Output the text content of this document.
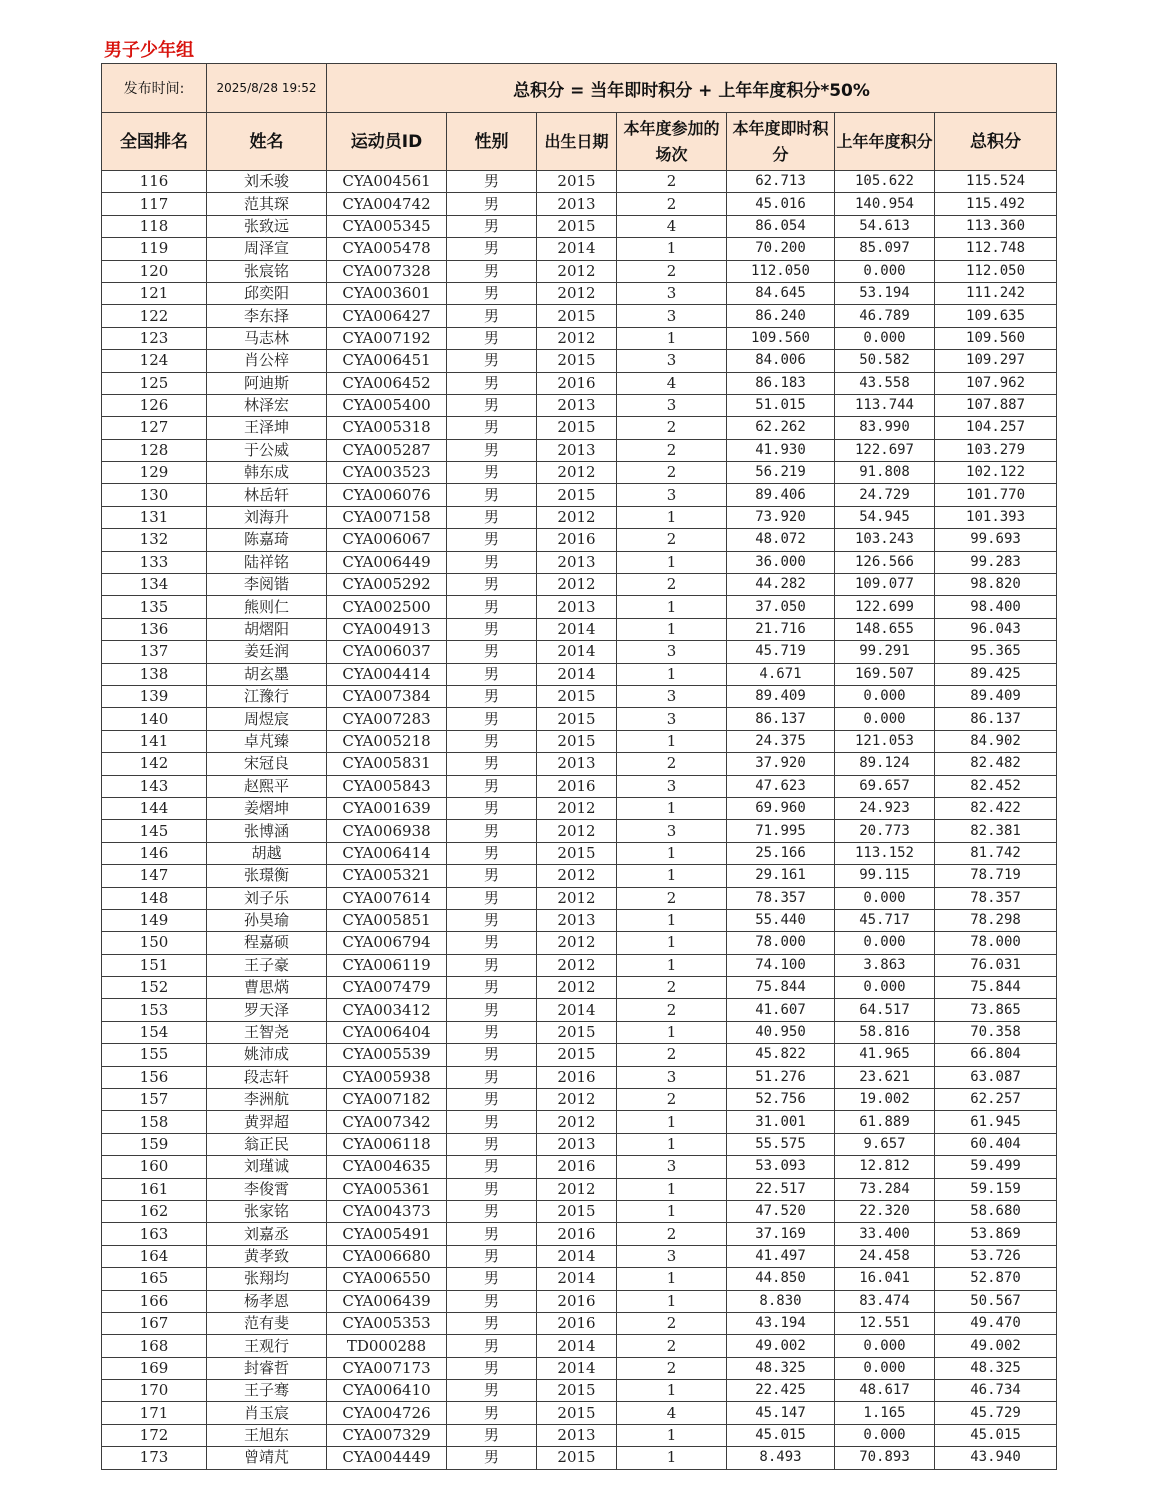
男子少年组
发布时间:	2025/8/28 19:52	总积分 = 当年即时积分 + 上年年度积分*50%						
全国排名	姓名	运动员ID	性别	出生日期	本年度参加的场次	本年度即时积分	上年年度积分	总积分
116	刘禾骏	CYA004561	男	2015	2	62.713	105.622	115.524
117	范其琛	CYA004742	男	2013	2	45.016	140.954	115.492
118	张致远	CYA005345	男	2015	4	86.054	54.613	113.360
119	周泽宣	CYA005478	男	2014	1	70.200	85.097	112.748
120	张宸铭	CYA007328	男	2012	2	112.050	0.000	112.050
121	邱奕阳	CYA003601	男	2012	3	84.645	53.194	111.242
122	李东择	CYA006427	男	2015	3	86.240	46.789	109.635
123	马志林	CYA007192	男	2012	1	109.560	0.000	109.560
124	肖公梓	CYA006451	男	2015	3	84.006	50.582	109.297
125	阿迪斯	CYA006452	男	2016	4	86.183	43.558	107.962
126	林泽宏	CYA005400	男	2013	3	51.015	113.744	107.887
127	王泽坤	CYA005318	男	2015	2	62.262	83.990	104.257
128	于公威	CYA005287	男	2013	2	41.930	122.697	103.279
129	韩东成	CYA003523	男	2012	2	56.219	91.808	102.122
130	林岳轩	CYA006076	男	2015	3	89.406	24.729	101.770
131	刘海升	CYA007158	男	2012	1	73.920	54.945	101.393
132	陈嘉琦	CYA006067	男	2016	2	48.072	103.243	99.693
133	陆祥铭	CYA006449	男	2013	1	36.000	126.566	99.283
134	李阅锴	CYA005292	男	2012	2	44.282	109.077	98.820
135	熊则仁	CYA002500	男	2013	1	37.050	122.699	98.400
136	胡熠阳	CYA004913	男	2014	1	21.716	148.655	96.043
137	姜廷润	CYA006037	男	2014	3	45.719	99.291	95.365
138	胡玄墨	CYA004414	男	2014	1	4.671	169.507	89.425
139	江豫行	CYA007384	男	2015	3	89.409	0.000	89.409
140	周煜宸	CYA007283	男	2015	3	86.137	0.000	86.137
141	卓芃臻	CYA005218	男	2015	1	24.375	121.053	84.902
142	宋冠良	CYA005831	男	2013	2	37.920	89.124	82.482
143	赵熙平	CYA005843	男	2016	3	47.623	69.657	82.452
144	姜熠坤	CYA001639	男	2012	1	69.960	24.923	82.422
145	张博涵	CYA006938	男	2012	3	71.995	20.773	82.381
146	胡越	CYA006414	男	2015	1	25.166	113.152	81.742
147	张璟衡	CYA005321	男	2012	1	29.161	99.115	78.719
148	刘子乐	CYA007614	男	2012	2	78.357	0.000	78.357
149	孙昊瑜	CYA005851	男	2013	1	55.440	45.717	78.298
150	程嘉硕	CYA006794	男	2012	1	78.000	0.000	78.000
151	王子豪	CYA006119	男	2012	1	74.100	3.863	76.031
152	曹思焫	CYA007479	男	2012	2	75.844	0.000	75.844
153	罗天泽	CYA003412	男	2014	2	41.607	64.517	73.865
154	王智尧	CYA006404	男	2015	1	40.950	58.816	70.358
155	姚沛成	CYA005539	男	2015	2	45.822	41.965	66.804
156	段志轩	CYA005938	男	2016	3	51.276	23.621	63.087
157	李洲航	CYA007182	男	2012	2	52.756	19.002	62.257
158	黄羿超	CYA007342	男	2012	1	31.001	61.889	61.945
159	翁正民	CYA006118	男	2013	1	55.575	9.657	60.404
160	刘瑾诚	CYA004635	男	2016	3	53.093	12.812	59.499
161	李俊霄	CYA005361	男	2012	1	22.517	73.284	59.159
162	张家铭	CYA004373	男	2015	1	47.520	22.320	58.680
163	刘嘉丞	CYA005491	男	2016	2	37.169	33.400	53.869
164	黄孝致	CYA006680	男	2014	3	41.497	24.458	53.726
165	张翔均	CYA006550	男	2014	1	44.850	16.041	52.870
166	杨孝恩	CYA006439	男	2016	1	8.830	83.474	50.567
167	范有斐	CYA005353	男	2016	2	43.194	12.551	49.470
168	王观行	TD000288	男	2014	2	49.002	0.000	49.002
169	封睿哲	CYA007173	男	2014	2	48.325	0.000	48.325
170	王子骞	CYA006410	男	2015	1	22.425	48.617	46.734
171	肖玉宸	CYA004726	男	2015	4	45.147	1.165	45.729
172	王旭东	CYA007329	男	2013	1	45.015	0.000	45.015
173	曾靖芃	CYA004449	男	2015	1	8.493	70.893	43.940
